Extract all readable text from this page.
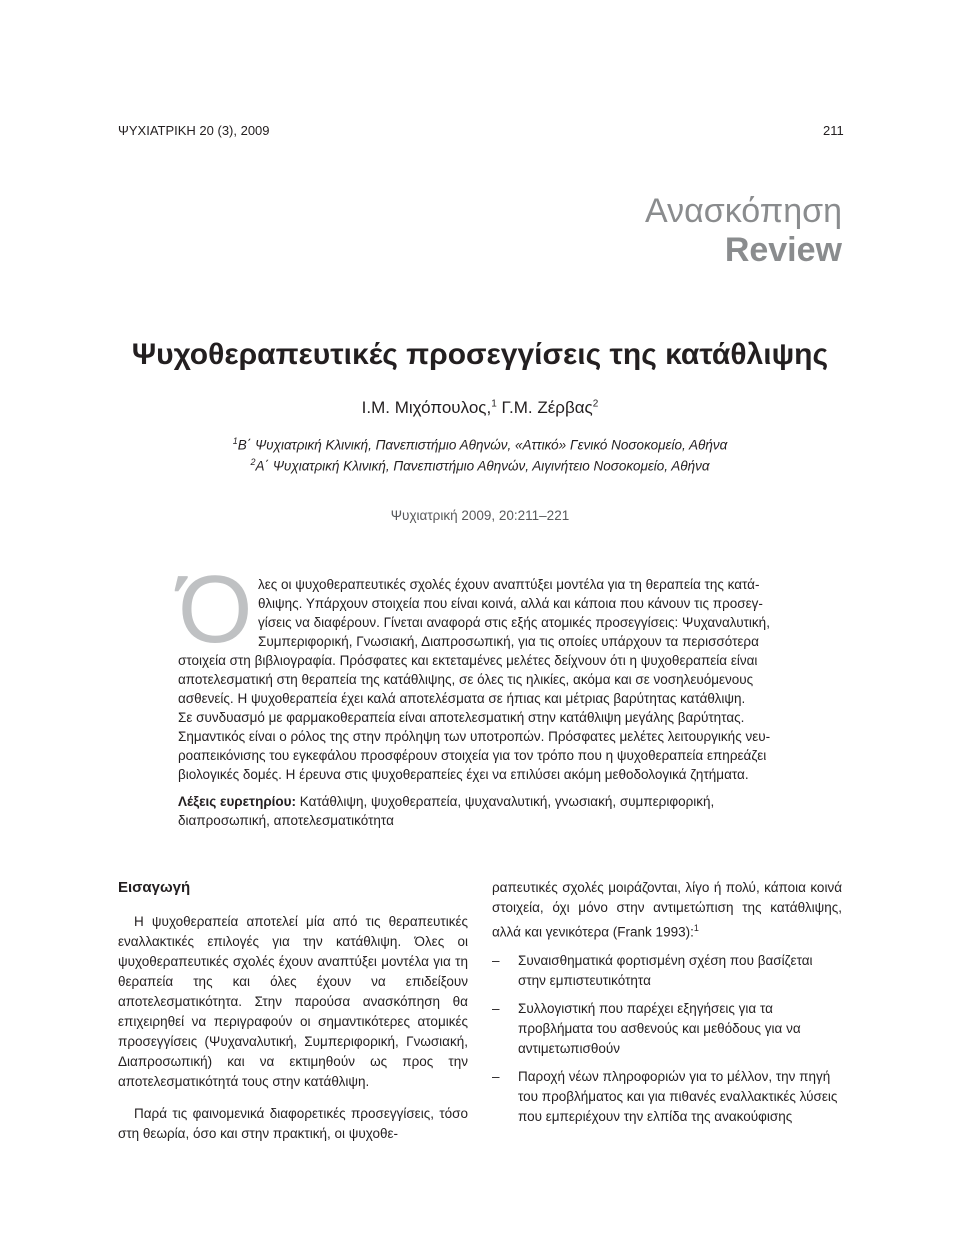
ΨΥΧΙΑΤΡΙΚΗ 20 (3), 2009	211
Ανασκόπηση
Review
Ψυχοθεραπευτικές προσεγγίσεις της κατάθλιψης
Ι.Μ. Μιχόπουλος,$^1$ Γ.Μ. Ζέρβας$^2$
$^1$Β΄ Ψυχιατρική Κλινική, Πανεπιστήμιο Αθηνών, «Αττικό» Γενικό Νοσοκομείο, Αθήνα
$^2$Α΄ Ψυχιατρική Κλινική, Πανεπιστήμιο Αθηνών, Αιγινήτειο Νοσοκομείο, Αθήνα
Ψυχιατρική 2009, 20:211‒221
Ό λες οι ψυχοθεραπευτικές σχολές έχουν αναπτύξει μοντέλα για τη θεραπεία της κατά-
θλιψης. Υπάρχουν στοιχεία που είναι κοινά, αλλά και κάποια που κάνουν τις προσεγ-
γίσεις να διαφέρουν. Γίνεται αναφορά στις εξής ατομικές προσεγγίσεις: Ψυχαναλυτική,
Συμπεριφορική, Γνωσιακή, Διαπροσωπική, για τις οποίες υπάρχουν τα περισσότερα
στοιχεία στη βιβλιογραφία. Πρόσφατες και εκτεταμένες μελέτες δείχνουν ότι η ψυχοθεραπεία είναι
αποτελεσματική στη θεραπεία της κατάθλιψης, σε όλες τις ηλικίες, ακόμα και σε νοσηλευόμενους
ασθενείς. Η ψυχοθεραπεία έχει καλά αποτελέσματα σε ήπιας και μέτριας βαρύτητας κατάθλιψη.
Σε συνδυασμό με φαρμακοθεραπεία είναι αποτελεσματική στην κατάθλιψη μεγάλης βαρύτητας.
Σημαντικός είναι ο ρόλος της στην πρόληψη των υποτροπών. Πρόσφατες μελέτες λειτουργικής νευ-
ροαπεικόνισης του εγκεφάλου προσφέρουν στοιχεία για τον τρόπο που η ψυχοθεραπεία επηρεάζει
βιολογικές δομές. Η έρευνα στις ψυχοθεραπείες έχει να επιλύσει ακόμη μεθοδολογικά ζητήματα.
Λέξεις ευρετηρίου: Κατάθλιψη, ψυχοθεραπεία, ψυχαναλυτική, γνωσιακή, συμπεριφορική, διαπροσωπική, αποτελεσματικότητα
Εισαγωγή

Η ψυχοθεραπεία αποτελεί μία από τις θεραπευτικές εναλλακτικές επιλογές για την κατάθλιψη. Όλες οι ψυχοθεραπευτικές σχολές έχουν αναπτύξει μοντέλα για τη θεραπεία της και όλες έχουν να επιδείξουν αποτελεσματικότητα. Στην παρούσα ανασκόπηση θα επιχειρηθεί να περιγραφούν οι σημαντικότερες ατομικές προσεγγίσεις (Ψυχαναλυτική, Συμπεριφορική, Γνωσιακή, Διαπροσωπική) και να εκτιμηθούν ως προς την αποτελεσματικότητά τους στην κατάθλιψη.

Παρά τις φαινομενικά διαφορετικές προσεγγίσεις, τόσο στη θεωρία, όσο και στην πρακτική, οι ψυχοθε-

ραπευτικές σχολές μοιράζονται, λίγο ή πολύ, κάποια κοινά στοιχεία, όχι μόνο στην αντιμετώπιση της κατάθλιψης, αλλά και γενικότερα (Frank 1993):$^1$
–	Συναισθηματικά φορτισμένη σχέση που βασίζεται στην εμπιστευτικότητα
–	Συλλογιστική που παρέχει εξηγήσεις για τα προβλήματα του ασθενούς και μεθόδους για να αντιμετωπισθούν
–	Παροχή νέων πληροφοριών για το μέλλον, την πηγή του προβλήματος και για πιθανές εναλλακτικές λύσεις που εμπεριέχουν την ελπίδα της ανακούφισης
